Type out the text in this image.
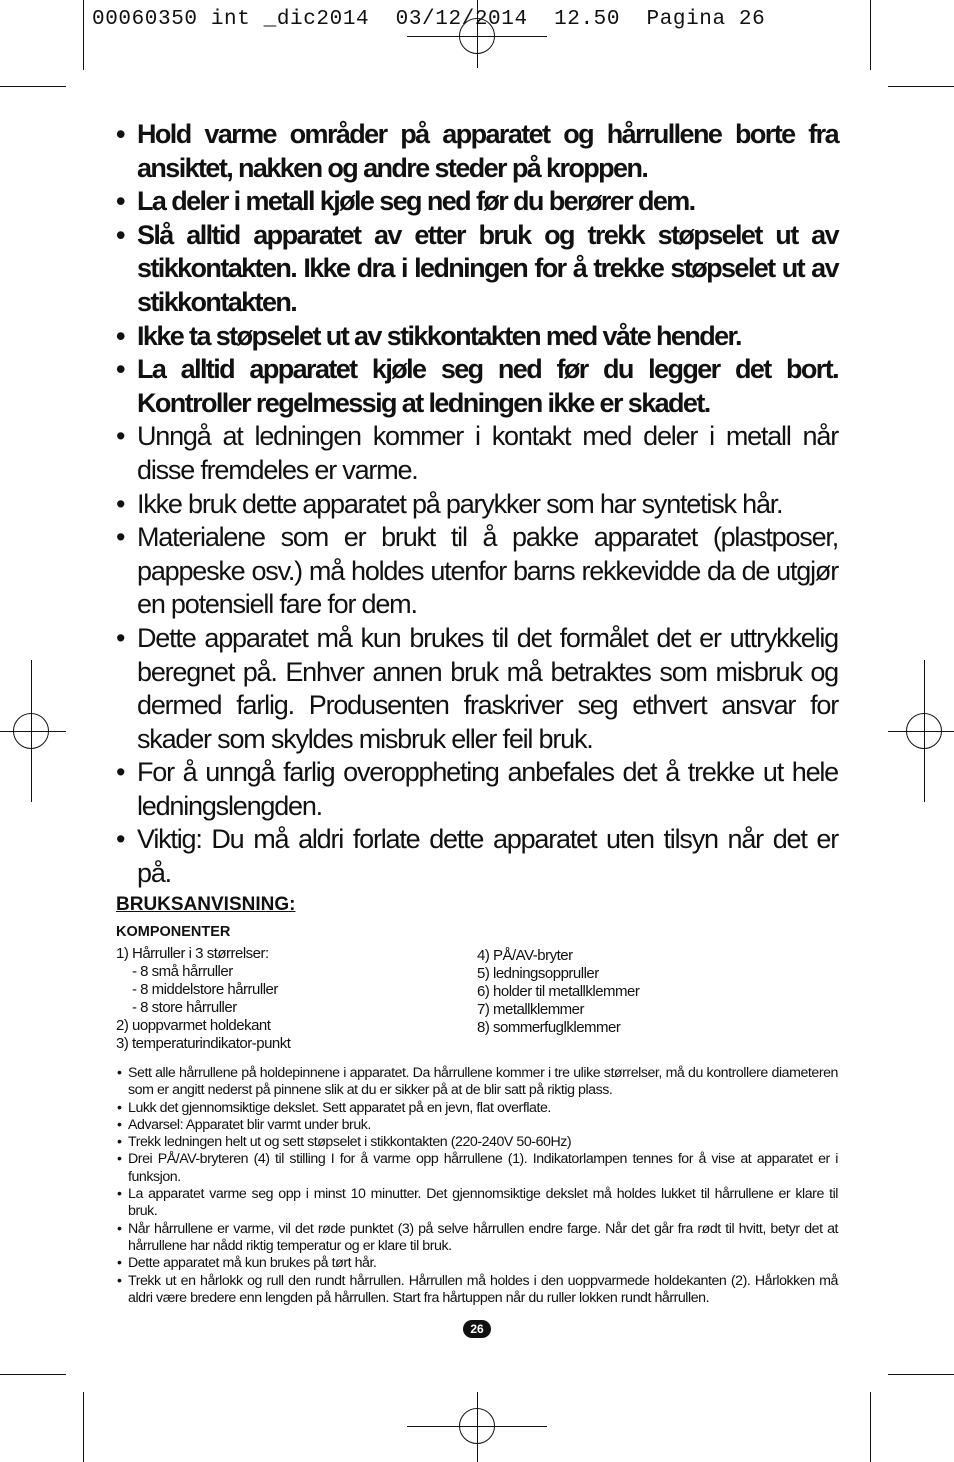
00060350 int _dic2014  03/12/2014  12.50  Pagina 26
• Hold varme områder på apparatet og hårrullene borte fra ansiktet, nakken og andre steder på kroppen.
• La deler i metall kjøle seg ned før du berører dem.
• Slå alltid apparatet av etter bruk og trekk støpselet ut av stikkontakten. Ikke dra i ledningen for å trekke støpselet ut av stikkontakten.
• Ikke ta støpselet ut av stikkontakten med våte hender.
• La alltid apparatet kjøle seg ned før du legger det bort. Kontroller regelmessig at ledningen ikke er skadet.
• Unngå at ledningen kommer i kontakt med deler i metall når disse fremdeles er varme.
• Ikke bruk dette apparatet på parykker som har syntetisk hår.
• Materialene som er brukt til å pakke apparatet (plastposer, pappeske osv.) må holdes utenfor barns rekkevidde da de utgjør en potensiell fare for dem.
• Dette apparatet må kun brukes til det formålet det er uttrykkelig beregnet på. Enhver annen bruk må betraktes som misbruk og dermed farlig. Produsenten fraskriver seg ethvert ansvar for skader som skyldes misbruk eller feil bruk.
• For å unngå farlig overoppheting anbefales det å trekke ut hele ledningslengden.
• Viktig: Du må aldri forlate dette apparatet uten tilsyn når det er på.
BRUKSANVISNING:
KOMPONENTER
1) Hårruller i 3 størrelser:
- 8 små hårruller
- 8 middelstore hårruller
- 8 store hårruller
2) uoppvarmet holdekant
3) temperaturindikator-punkt
4) PÅ/AV-bryter
5) ledningsoppruller
6) holder til metallklemmer
7) metallklemmer
8) sommerfuglklemmer
• Sett alle hårrullene på holdepinnene i apparatet. Da hårrullene kommer i tre ulike størrelser, må du kontrollere diameteren som er angitt nederst på pinnene slik at du er sikker på at de blir satt på riktig plass.
• Lukk det gjennomsiktige dekslet. Sett apparatet på en jevn, flat overflate.
• Advarsel: Apparatet blir varmt under bruk.
• Trekk ledningen helt ut og sett støpselet i stikkontakten (220-240V 50-60Hz)
• Drei PÅ/AV-bryteren (4) til stilling I for å varme opp hårrullene (1). Indikatorlampen tennes for å vise at apparatet er i funksjon.
• La apparatet varme seg opp i minst 10 minutter. Det gjennomsiktige dekslet må holdes lukket til hårrullene er klare til bruk.
• Når hårrullene er varme, vil det røde punktet (3) på selve hårrullen endre farge. Når det går fra rødt til hvitt, betyr det at hårrullene har nådd riktig temperatur og er klare til bruk.
• Dette apparatet må kun brukes på tørt hår.
• Trekk ut en hårlokk og rull den rundt hårrullen. Hårrullen må holdes i den uoppvarmede holdekanten (2). Hårlokken må aldri være bredere enn lengden på hårrullen. Start fra hårtuppen når du ruller lokken rundt hårrullen.
26
